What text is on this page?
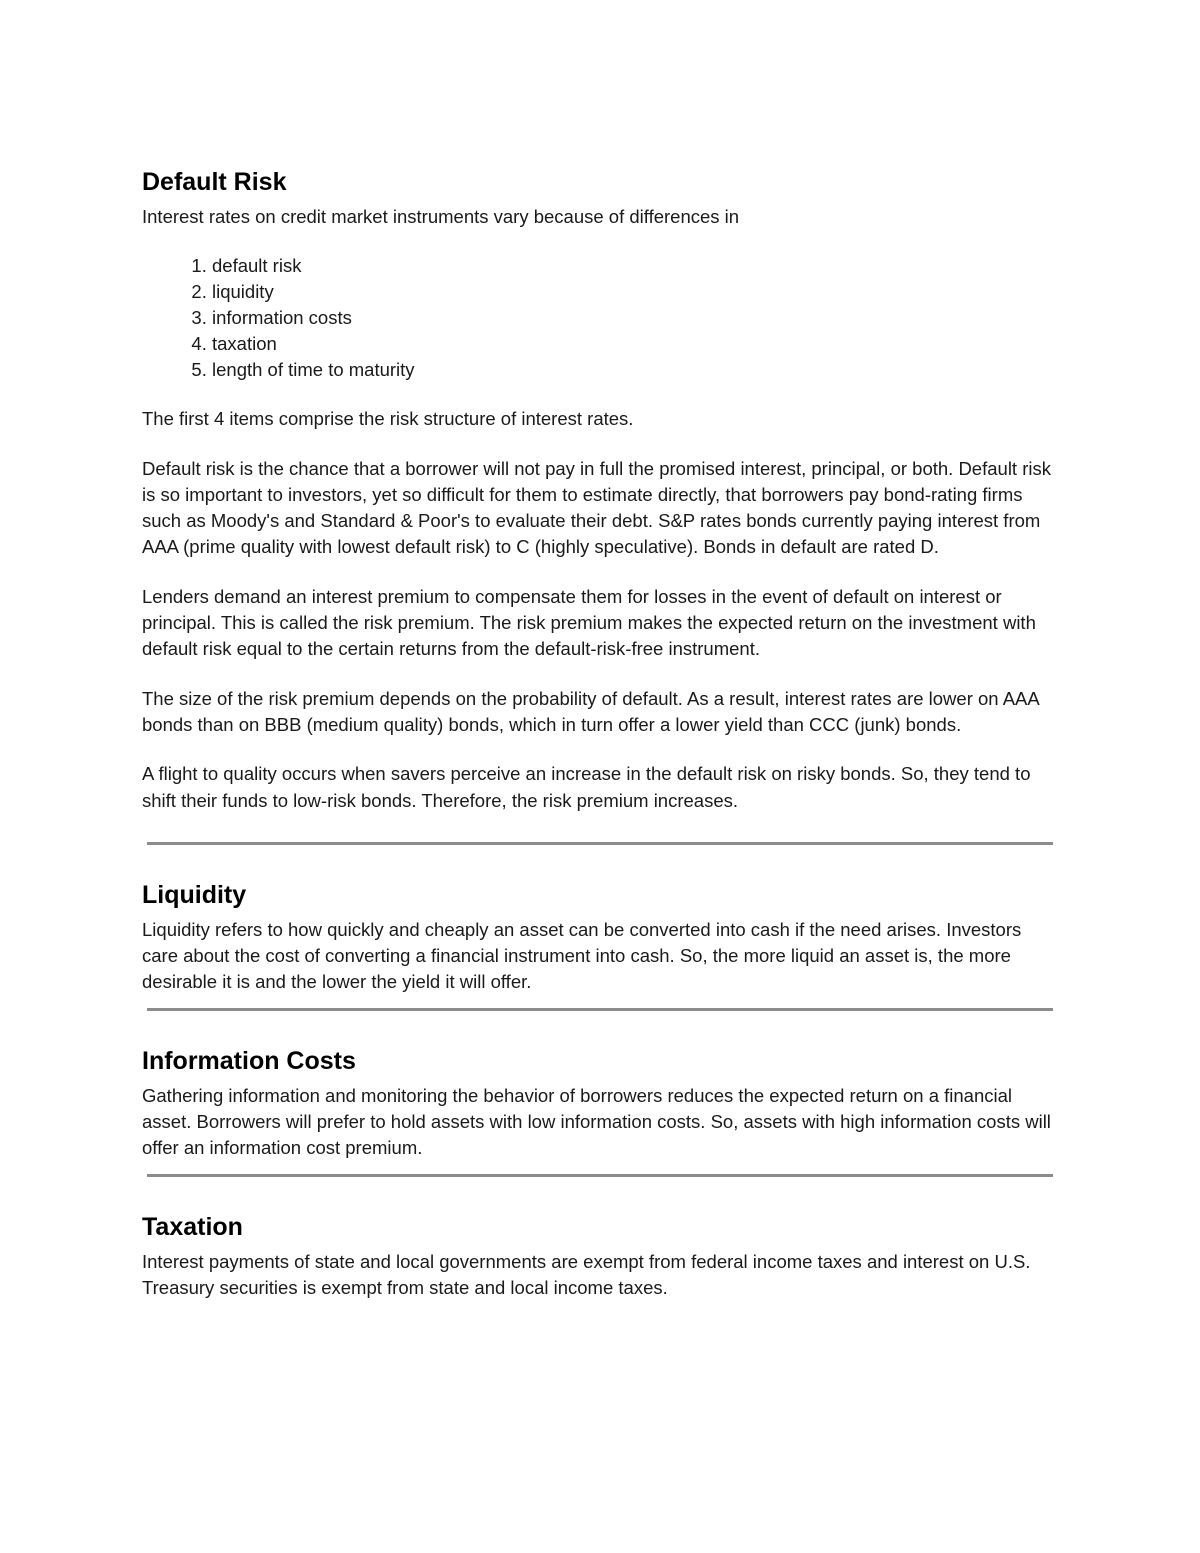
Default Risk

Interest rates on credit market instruments vary because of differences in

1. default risk
2. liquidity
3. information costs
4. taxation
5. length of time to maturity

The first 4 items comprise the risk structure of interest rates.

Default risk is the chance that a borrower will not pay in full the promised interest, principal, or both. Default risk is so important to investors, yet so difficult for them to estimate directly, that borrowers pay bond-rating firms such as Moody's and Standard & Poor's to evaluate their debt. S&P rates bonds currently paying interest from AAA (prime quality with lowest default risk) to C (highly speculative). Bonds in default are rated D.

Lenders demand an interest premium to compensate them for losses in the event of default on interest or principal. This is called the risk premium. The risk premium makes the expected return on the investment with default risk equal to the certain returns from the default-risk-free instrument.

The size of the risk premium depends on the probability of default. As a result, interest rates are lower on AAA bonds than on BBB (medium quality) bonds, which in turn offer a lower yield than CCC (junk) bonds.

A flight to quality occurs when savers perceive an increase in the default risk on risky bonds. So, they tend to shift their funds to low-risk bonds. Therefore, the risk premium increases.

Liquidity

Liquidity refers to how quickly and cheaply an asset can be converted into cash if the need arises. Investors care about the cost of converting a financial instrument into cash. So, the more liquid an asset is, the more desirable it is and the lower the yield it will offer.

Information Costs

Gathering information and monitoring the behavior of borrowers reduces the expected return on a financial asset. Borrowers will prefer to hold assets with low information costs. So, assets with high information costs will offer an information cost premium.

Taxation

Interest payments of state and local governments are exempt from federal income taxes and interest on U.S. Treasury securities is exempt from state and local income taxes.
